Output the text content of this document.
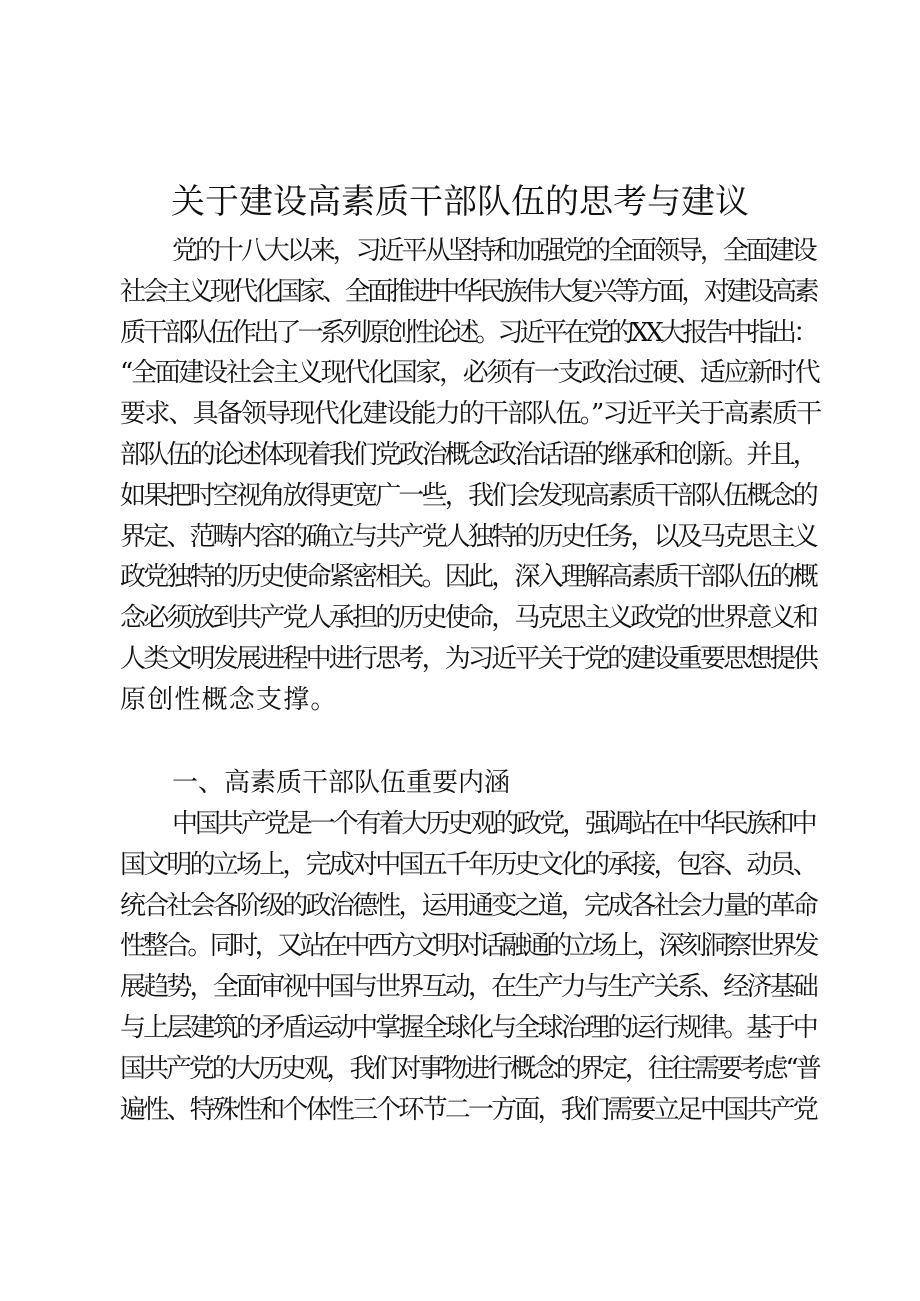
关于建设高素质干部队伍的思考与建议
党的十八大以来，习近平从坚持和加强党的全面领导，全面建设
社会主义现代化国家、全面推进中华民族伟大复兴等方面，对建设高素
质干部队伍作出了一系列原创性论述。习近平在党的XX大报告中指出：
“全面建设社会主义现代化国家，必须有一支政治过硬、适应新时代
要求、具备领导现代化建设能力的干部队伍。”习近平关于高素质干
部队伍的论述体现着我们党政治概念政治话语的继承和创新。并且，
如果把时空视角放得更宽广一些，我们会发现高素质干部队伍概念的
界定、范畴内容的确立与共产党人独特的历史任务，以及马克思主义
政党独特的历史使命紧密相关。因此，深入理解高素质干部队伍的概
念必须放到共产党人承担的历史使命，马克思主义政党的世界意义和
人类文明发展进程中进行思考，为习近平关于党的建设重要思想提供
原创性概念支撑。
一、高素质干部队伍重要内涵
中国共产党是一个有着大历史观的政党，强调站在中华民族和中
国文明的立场上，完成对中国五千年历史文化的承接，包容、动员、
统合社会各阶级的政治德性，运用通变之道，完成各社会力量的革命
性整合。同时，又站在中西方文明对话融通的立场上，深刻洞察世界发
展趋势，全面审视中国与世界互动，在生产力与生产关系、经济基础
与上层建筑的矛盾运动中掌握全球化与全球治理的运行规律。基于中
国共产党的大历史观，我们对事物进行概念的界定，往往需要考虑“普
遍性、特殊性和个体性三个环节二一方面，我们需要立足中国共产党
